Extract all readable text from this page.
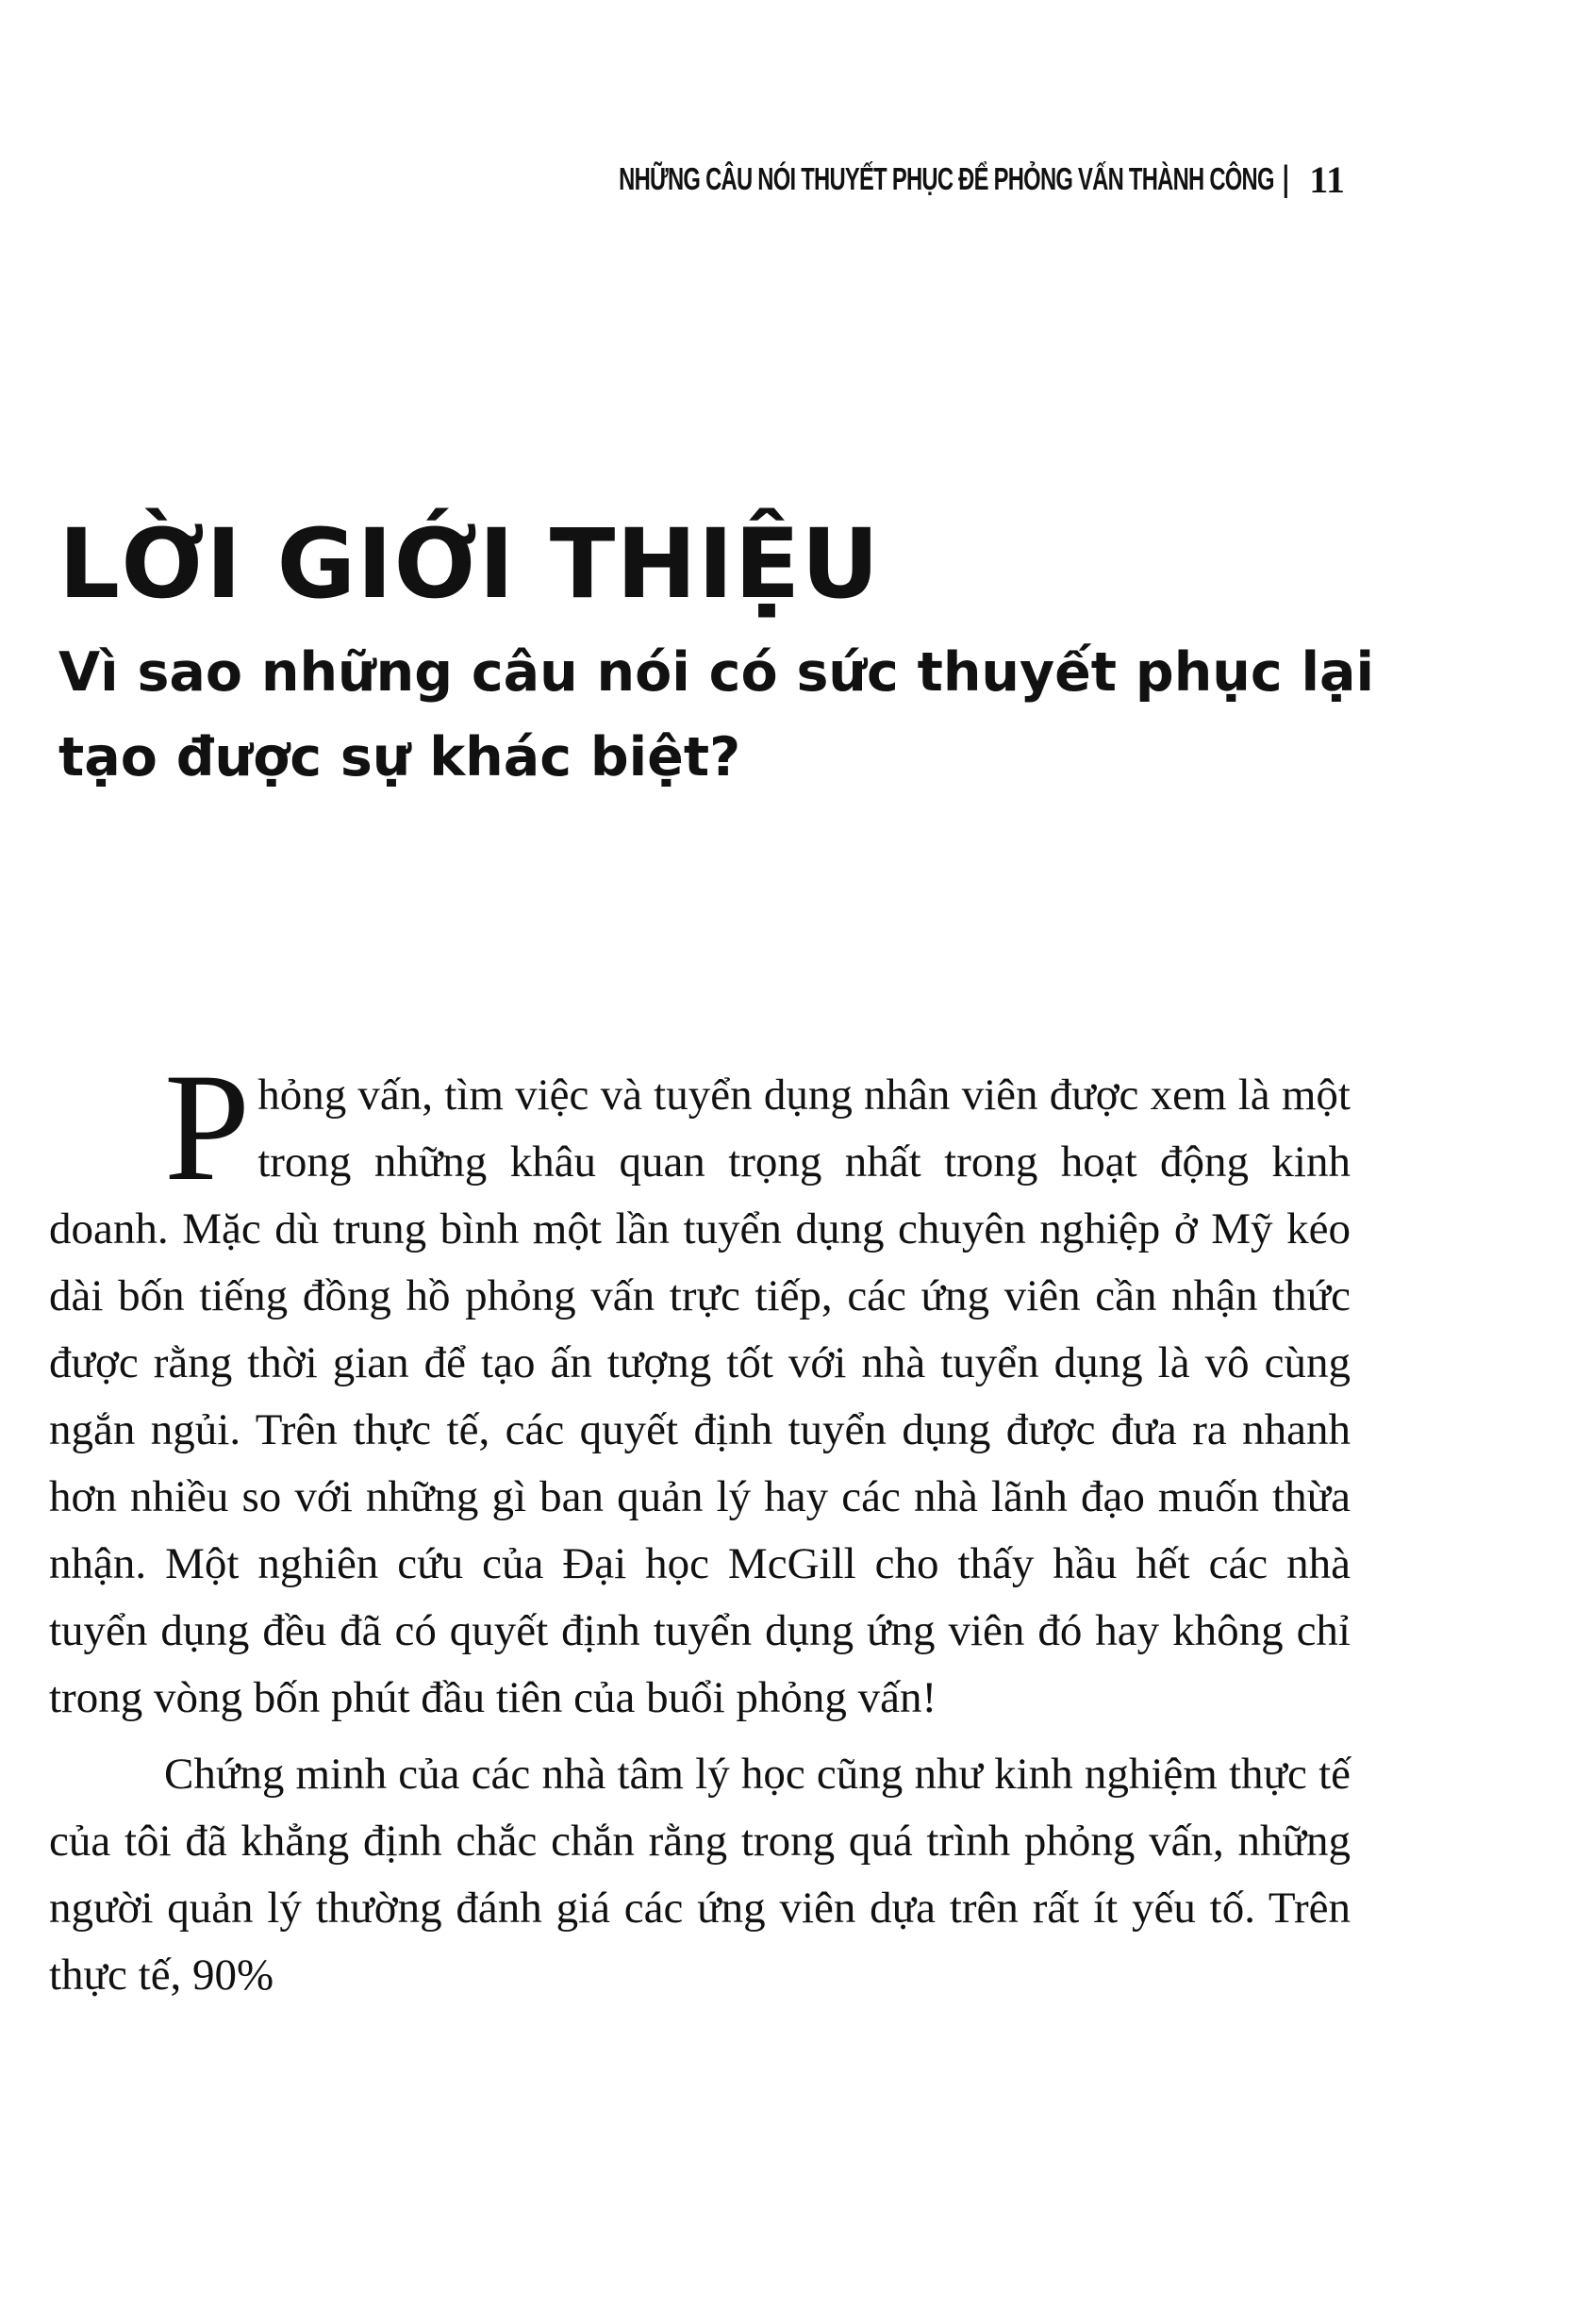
NHỮNG CÂU NÓI THUYẾT PHỤC ĐỂ PHỎNG VẤN THÀNH CÔNG | 11
LỜI GIỚI THIỆU
Vì sao những câu nói có sức thuyết phục lại tạo được sự khác biệt?

Phỏng vấn, tìm việc và tuyển dụng nhân viên được xem là một trong những khâu quan trọng nhất trong hoạt động kinh doanh. Mặc dù trung bình một lần tuyển dụng chuyên nghiệp ở Mỹ kéo dài bốn tiếng đồng hồ phỏng vấn trực tiếp, các ứng viên cần nhận thức được rằng thời gian để tạo ấn tượng tốt với nhà tuyển dụng là vô cùng ngắn ngủi. Trên thực tế, các quyết định tuyển dụng được đưa ra nhanh hơn nhiều so với những gì ban quản lý hay các nhà lãnh đạo muốn thừa nhận. Một nghiên cứu của Đại học McGill cho thấy hầu hết các nhà tuyển dụng đều đã có quyết định tuyển dụng ứng viên đó hay không chỉ trong vòng bốn phút đầu tiên của buổi phỏng vấn!

Chứng minh của các nhà tâm lý học cũng như kinh nghiệm thực tế của tôi đã khẳng định chắc chắn rằng trong quá trình phỏng vấn, những người quản lý thường đánh giá các ứng viên dựa trên rất ít yếu tố. Trên thực tế, 90%
